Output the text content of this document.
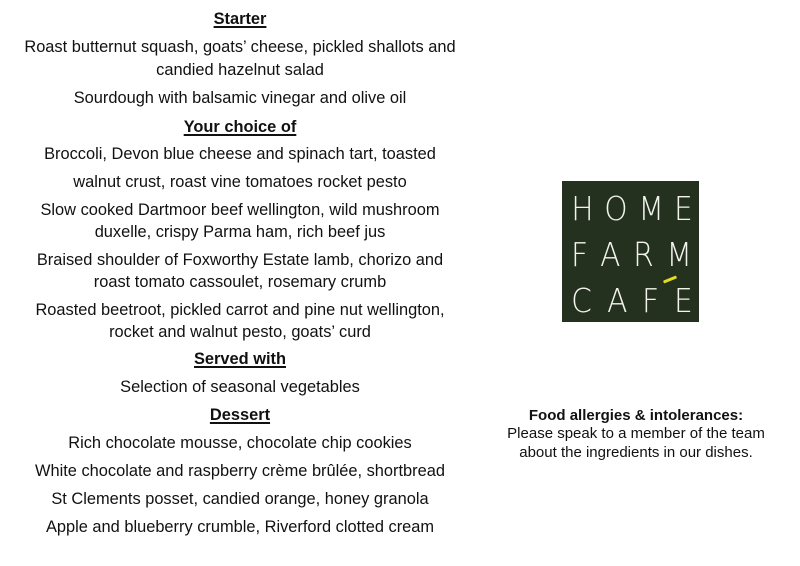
Starter
Roast butternut squash, goats’ cheese, pickled shallots and
candied hazelnut salad
Sourdough with balsamic vinegar and olive oil
Your choice of
Broccoli, Devon blue cheese and spinach tart, toasted
walnut crust, roast vine tomatoes rocket pesto
Slow cooked Dartmoor beef wellington, wild mushroom
duxelle, crispy Parma ham, rich beef jus
Braised shoulder of Foxworthy Estate lamb, chorizo and
roast tomato cassoulet, rosemary crumb
Roasted beetroot, pickled carrot and pine nut wellington,
rocket and walnut pesto, goats’ curd
Served with
Selection of seasonal vegetables
Dessert
Rich chocolate mousse, chocolate chip cookies
White chocolate and raspberry crème brûlée, shortbread
St Clements posset, candied orange, honey granola
Apple and blueberry crumble, Riverford clotted cream
H O M E
F A R M
C A F E
Food allergies & intolerances:
Please speak to a member of the team about the ingredients in our dishes.
